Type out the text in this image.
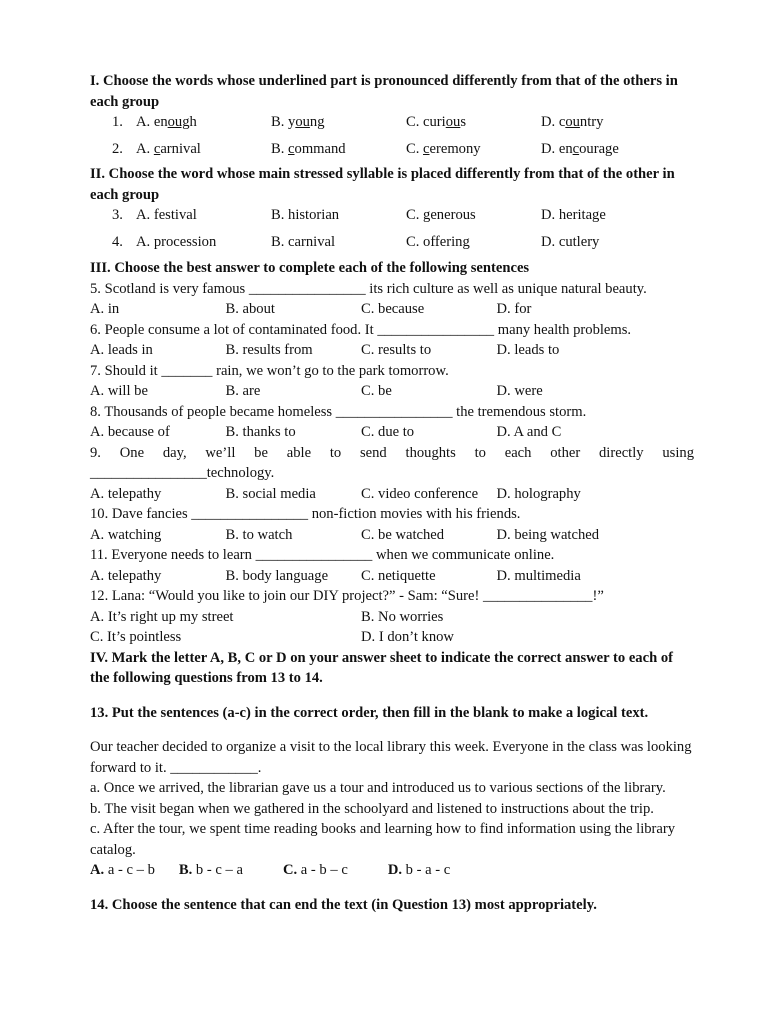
I. Choose the words whose underlined part is pronounced differently from that of the others in each group

1. A. enough	B. young	C. curious	D. country
2. A. carnival	B. command	C. ceremony	D. encourage

II. Choose the word whose main stressed syllable is placed differently from that of the other in each group

3. A. festival	B. historian	C. generous	D. heritage
4. A. procession	B. carnival	C. offering	D. cutlery

III. Choose the best answer to complete each of the following sentences

5. Scotland is very famous ________________ its rich culture as well as unique natural beauty.

A. in	B. about	C. because	D. for

6. People consume a lot of contaminated food. It ________________ many health problems.

A. leads in	B. results from	C. results to	D. leads to

7. Should it _______ rain, we won’t go to the park tomorrow.

A. will be	B. are	C. be	D. were

8. Thousands of people became homeless ________________ the tremendous storm.

A. because of	B. thanks to	C. due to	D. A and C

9. One day, we’ll be able to send thoughts to each other directly using

________________technology.

A. telepathy	B. social media	C. video conference	D. holography

10. Dave fancies ________________ non-fiction movies with his friends.

A. watching	B. to watch	C. be watched	D. being watched

11. Everyone needs to learn ________________ when we communicate online.

A. telepathy	B. body language	C. netiquette	D. multimedia

12. Lana: “Would you like to join our DIY project?” - Sam: “Sure! _______________!”

A. It’s right up my street	B. No worries
C. It’s pointless	D. I don’t know

IV. Mark the letter A, B, C or D on your answer sheet to indicate the correct answer to each of the following questions from 13 to 14.

13. Put the sentences (a-c) in the correct order, then fill in the blank to make a logical text.

Our teacher decided to organize a visit to the local library this week. Everyone in the class was looking forward to it. ____________.

a. Once we arrived, the librarian gave us a tour and introduced us to various sections of the library.

b. The visit began when we gathered in the schoolyard and listened to instructions about the trip.

c. After the tour, we spent time reading books and learning how to find information using the library catalog.

A. a - c – b B. b - c – a	C. a - b – c	D. b - a - c

14. Choose the sentence that can end the text (in Question 13) most appropriately.
